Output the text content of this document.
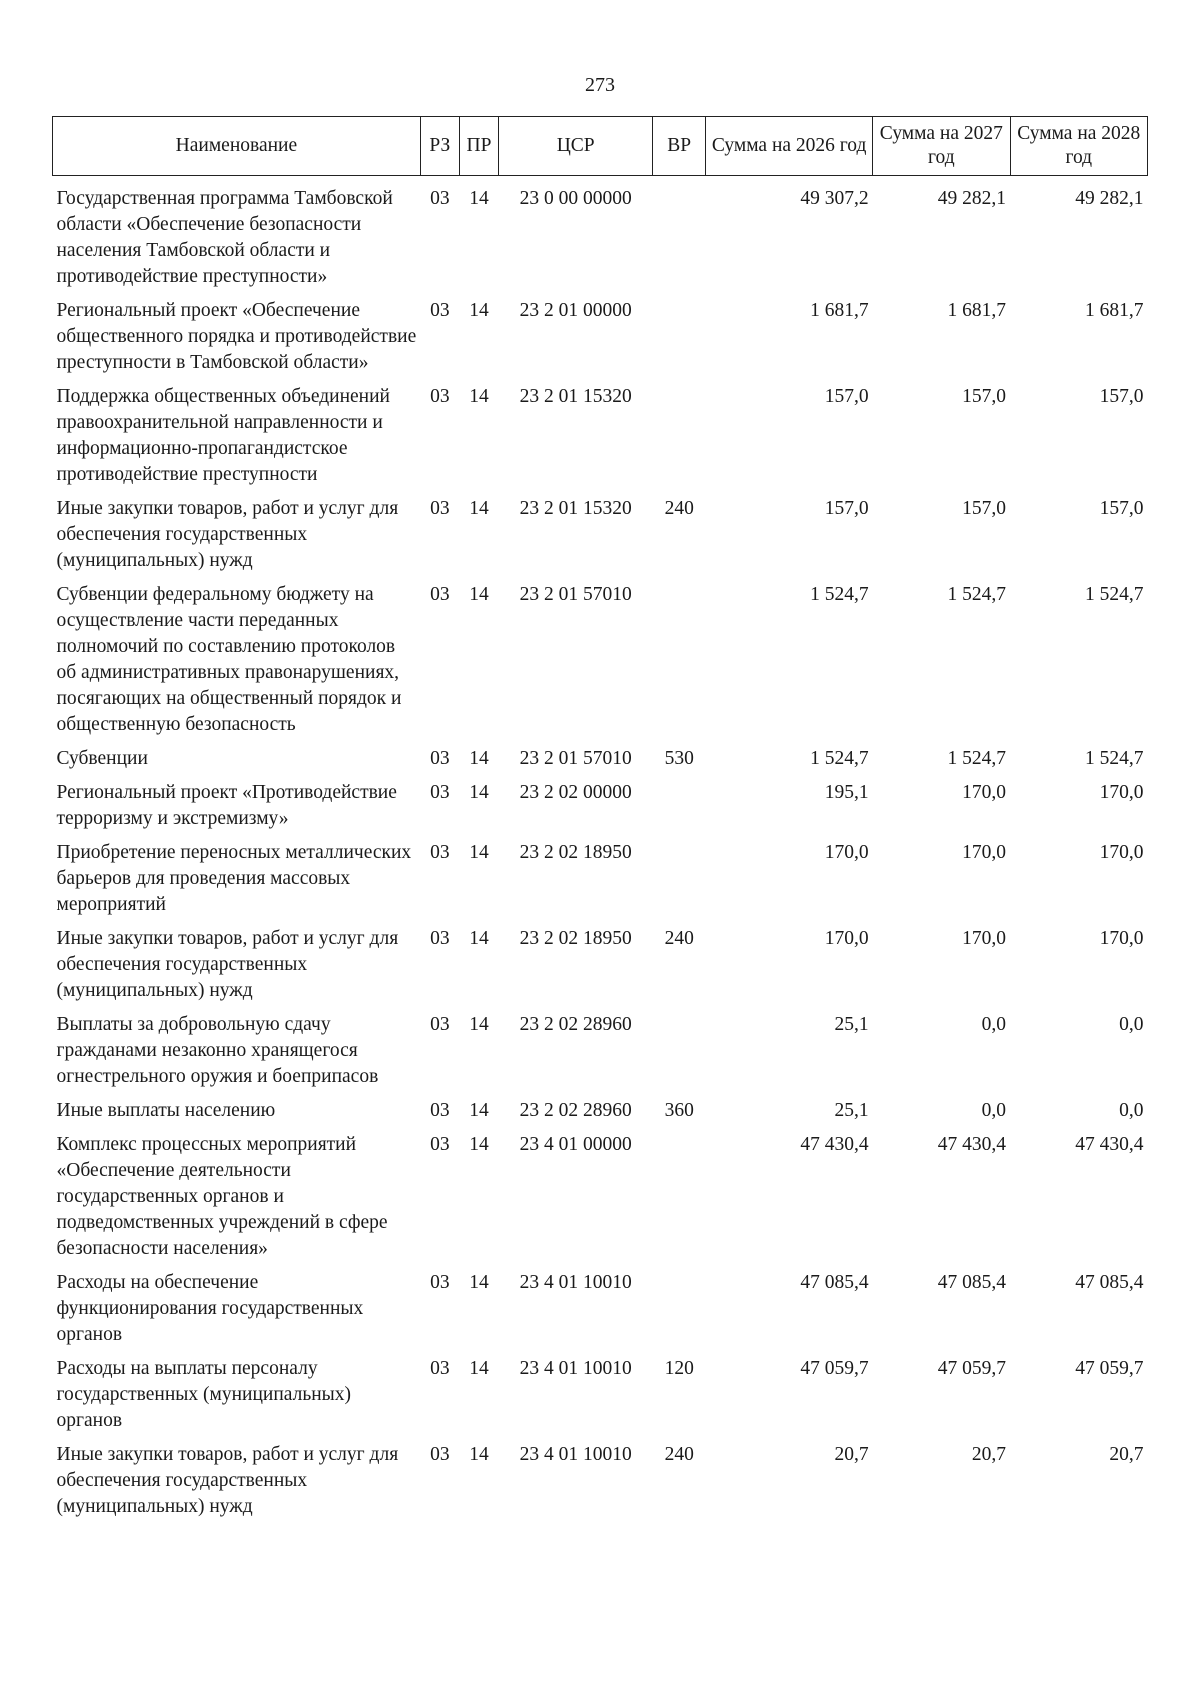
273
Наименование	РЗ	ПР	ЦСР	ВР	Сумма на 2026 год	Сумма на 2027 год	Сумма на 2028 год
Государственная программа Тамбовской области «Обеспечение безопасности населения Тамбовской области и противодействие преступности»	03	14	23 0 00 00000		49 307,2	49 282,1	49 282,1
Региональный проект «Обеспечение общественного порядка и противодействие преступности в Тамбовской области»	03	14	23 2 01 00000		1 681,7	1 681,7	1 681,7
Поддержка общественных объединений правоохранительной направленности и информационно-пропагандистское противодействие преступности	03	14	23 2 01 15320		157,0	157,0	157,0
Иные закупки товаров, работ и услуг для обеспечения государственных (муниципальных) нужд	03	14	23 2 01 15320	240	157,0	157,0	157,0
Субвенции федеральному бюджету на осуществление части переданных полномочий по составлению протоколов об административных правонарушениях, посягающих на общественный порядок и общественную безопасность	03	14	23 2 01 57010		1 524,7	1 524,7	1 524,7
Субвенции	03	14	23 2 01 57010	530	1 524,7	1 524,7	1 524,7
Региональный проект «Противодействие терроризму и экстремизму»	03	14	23 2 02 00000		195,1	170,0	170,0
Приобретение переносных металлических барьеров для проведения массовых мероприятий	03	14	23 2 02 18950		170,0	170,0	170,0
Иные закупки товаров, работ и услуг для обеспечения государственных (муниципальных) нужд	03	14	23 2 02 18950	240	170,0	170,0	170,0
Выплаты за добровольную сдачу гражданами незаконно хранящегося огнестрельного оружия и боеприпасов	03	14	23 2 02 28960		25,1	0,0	0,0
Иные выплаты населению	03	14	23 2 02 28960	360	25,1	0,0	0,0
Комплекс процессных мероприятий «Обеспечение деятельности государственных органов и подведомственных учреждений в сфере безопасности населения»	03	14	23 4 01 00000		47 430,4	47 430,4	47 430,4
Расходы на обеспечение функционирования государственных органов	03	14	23 4 01 10010		47 085,4	47 085,4	47 085,4
Расходы на выплаты персоналу государственных (муниципальных) органов	03	14	23 4 01 10010	120	47 059,7	47 059,7	47 059,7
Иные закупки товаров, работ и услуг для обеспечения государственных (муниципальных) нужд	03	14	23 4 01 10010	240	20,7	20,7	20,7
